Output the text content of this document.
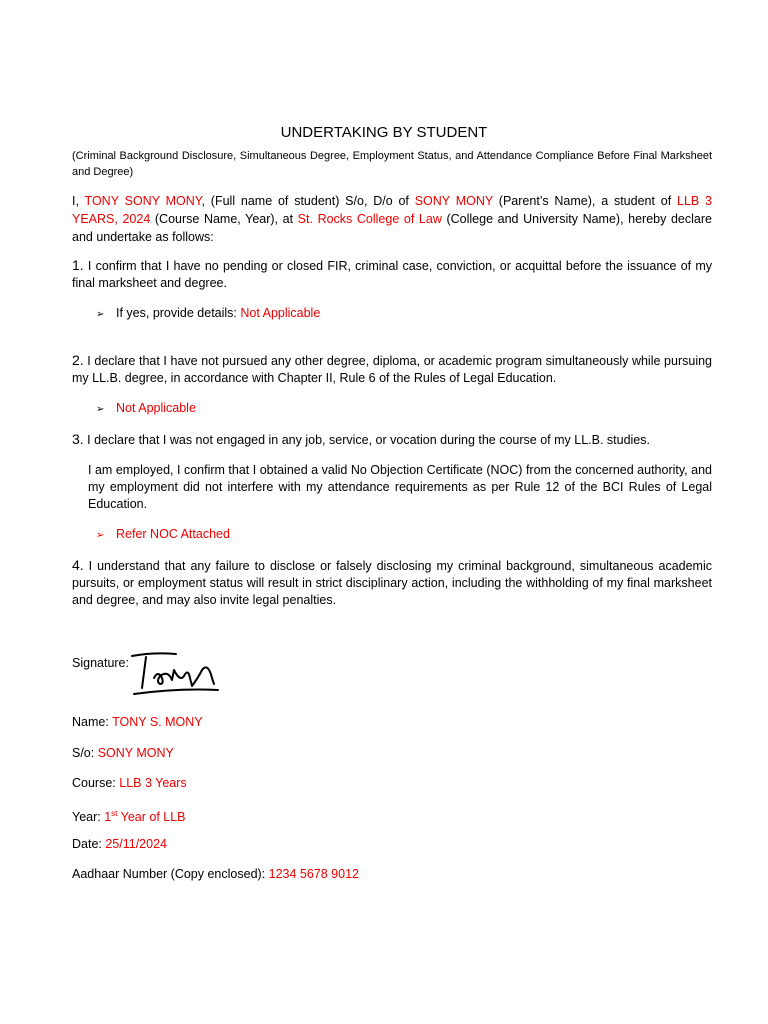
UNDERTAKING BY STUDENT
(Criminal Background Disclosure, Simultaneous Degree, Employment Status, and Attendance Compliance Before Final Marksheet and Degree)
I, TONY SONY MONY, (Full name of student) S/o, D/o of SONY MONY (Parent’s Name), a student of LLB 3 YEARS, 2024 (Course Name, Year), at St. Rocks College of Law (College and University Name), hereby declare and undertake as follows:
1. I confirm that I have no pending or closed FIR, criminal case, conviction, or acquittal before the issuance of my final marksheet and degree.
➢ If yes, provide details: Not Applicable
2. I declare that I have not pursued any other degree, diploma, or academic program simultaneously while pursuing my LL.B. degree, in accordance with Chapter II, Rule 6 of the Rules of Legal Education.
➢ Not Applicable
3. I declare that I was not engaged in any job, service, or vocation during the course of my LL.B. studies.
I am employed, I confirm that I obtained a valid No Objection Certificate (NOC) from the concerned authority, and my employment did not interfere with my attendance requirements as per Rule 12 of the BCI Rules of Legal Education.
➢ Refer NOC Attached
4. I understand that any failure to disclose or falsely disclosing my criminal background, simultaneous academic pursuits, or employment status will result in strict disciplinary action, including the withholding of my final marksheet and degree, and may also invite legal penalties.
Signature:
Name: TONY S. MONY
S/o: SONY MONY
Course: LLB 3 Years
Year: 1st Year of LLB
Date: 25/11/2024
Aadhaar Number (Copy enclosed): 1234 5678 9012
